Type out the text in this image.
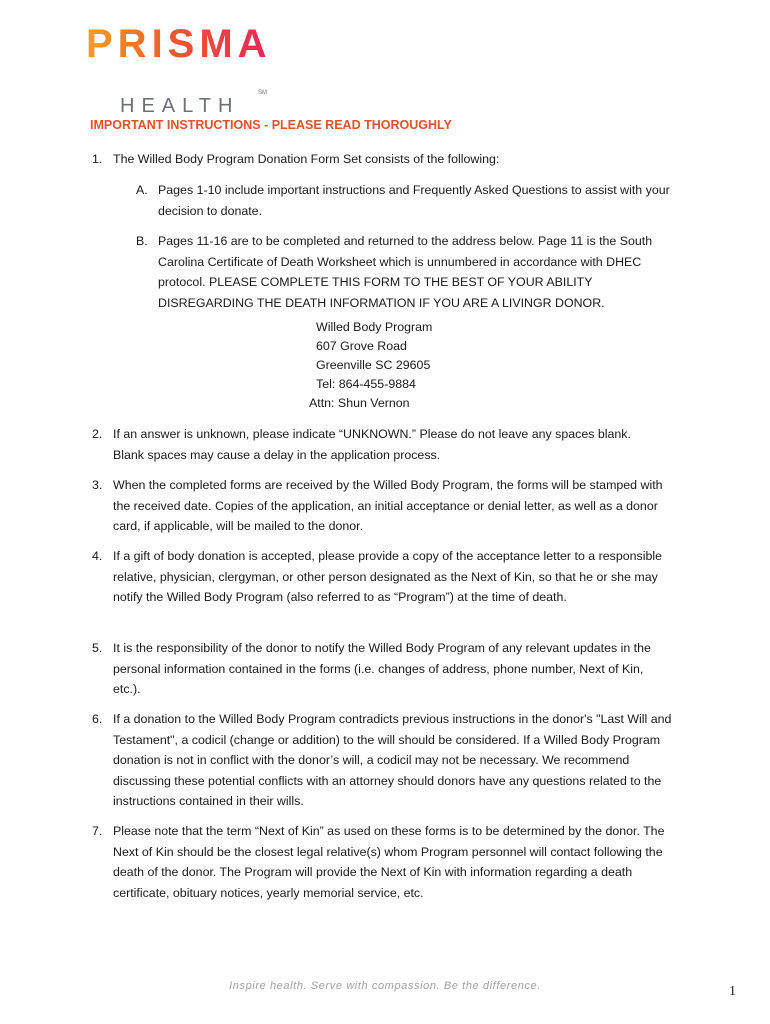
PRISMA
HEALTH
SM
IMPORTANT INSTRUCTIONS - PLEASE READ THOROUGHLY
1. The Willed Body Program Donation Form Set consists of the following:
A. Pages 1-10 include important instructions and Frequently Asked Questions to assist with your decision to donate.
B. Pages 11-16 are to be completed and returned to the address below. Page 11 is the South Carolina Certificate of Death Worksheet which is unnumbered in accordance with DHEC protocol. PLEASE COMPLETE THIS FORM TO THE BEST OF YOUR ABILITY DISREGARDING THE DEATH INFORMATION IF YOU ARE A LIVINGR DONOR.
Willed Body Program
607 Grove Road
Greenville SC 29605
Tel: 864-455-9884
Attn: Shun Vernon
2. If an answer is unknown, please indicate “UNKNOWN.” Please do not leave any spaces blank. Blank spaces may cause a delay in the application process.
3. When the completed forms are received by the Willed Body Program, the forms will be stamped with the received date. Copies of the application, an initial acceptance or denial letter, as well as a donor card, if applicable, will be mailed to the donor.
4. If a gift of body donation is accepted, please provide a copy of the acceptance letter to a responsible relative, physician, clergyman, or other person designated as the Next of Kin, so that he or she may notify the Willed Body Program (also referred to as “Program”) at the time of death.
5. It is the responsibility of the donor to notify the Willed Body Program of any relevant updates in the personal information contained in the forms (i.e. changes of address, phone number, Next of Kin, etc.).
6. If a donation to the Willed Body Program contradicts previous instructions in the donor's "Last Will and Testament", a codicil (change or addition) to the will should be considered. If a Willed Body Program donation is not in conflict with the donor’s will, a codicil may not be necessary. We recommend discussing these potential conflicts with an attorney should donors have any questions related to the instructions contained in their wills.
7. Please note that the term “Next of Kin” as used on these forms is to be determined by the donor. The Next of Kin should be the closest legal relative(s) whom Program personnel will contact following the death of the donor. The Program will provide the Next of Kin with information regarding a death certificate, obituary notices, yearly memorial service, etc.
Inspire health. Serve with compassion. Be the difference.	1
